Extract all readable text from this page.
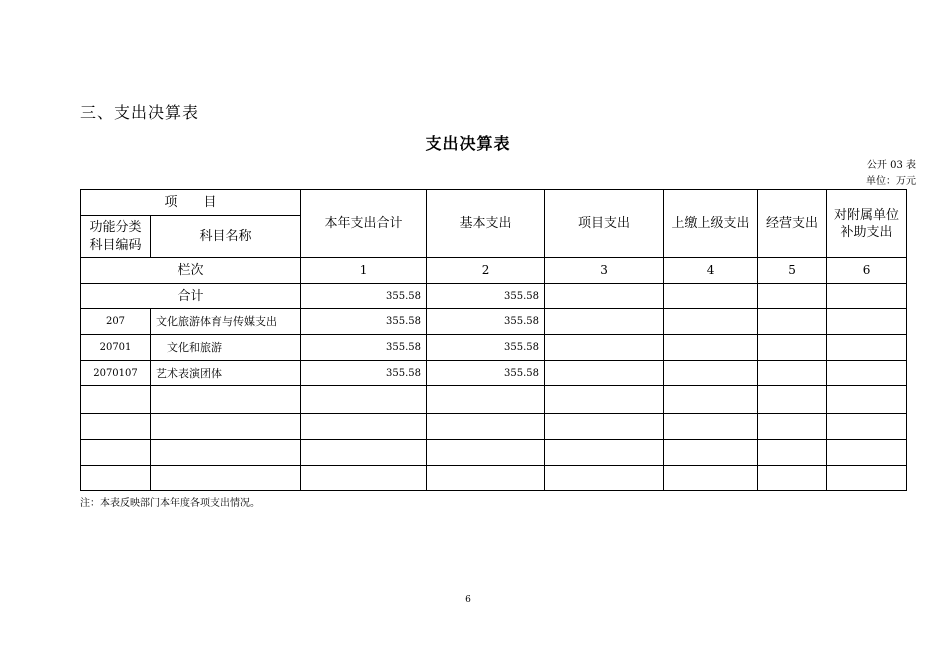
三、支出决算表
支出决算表
公开 03 表
单位：万元
项　　目		本年支出合计	基本支出	项目支出	上缴上级支出	经营支出	对附属单位补助支出
功能分类 科目编码	科目名称						
栏次		1	2	3	4	5	6
合计		355.58	355.58				
207	文化旅游体育与传媒支出	355.58	355.58				
20701	文化和旅游	355.58	355.58				
2070107	艺术表演团体	355.58	355.58				

注：本表反映部门本年度各项支出情况。
6
